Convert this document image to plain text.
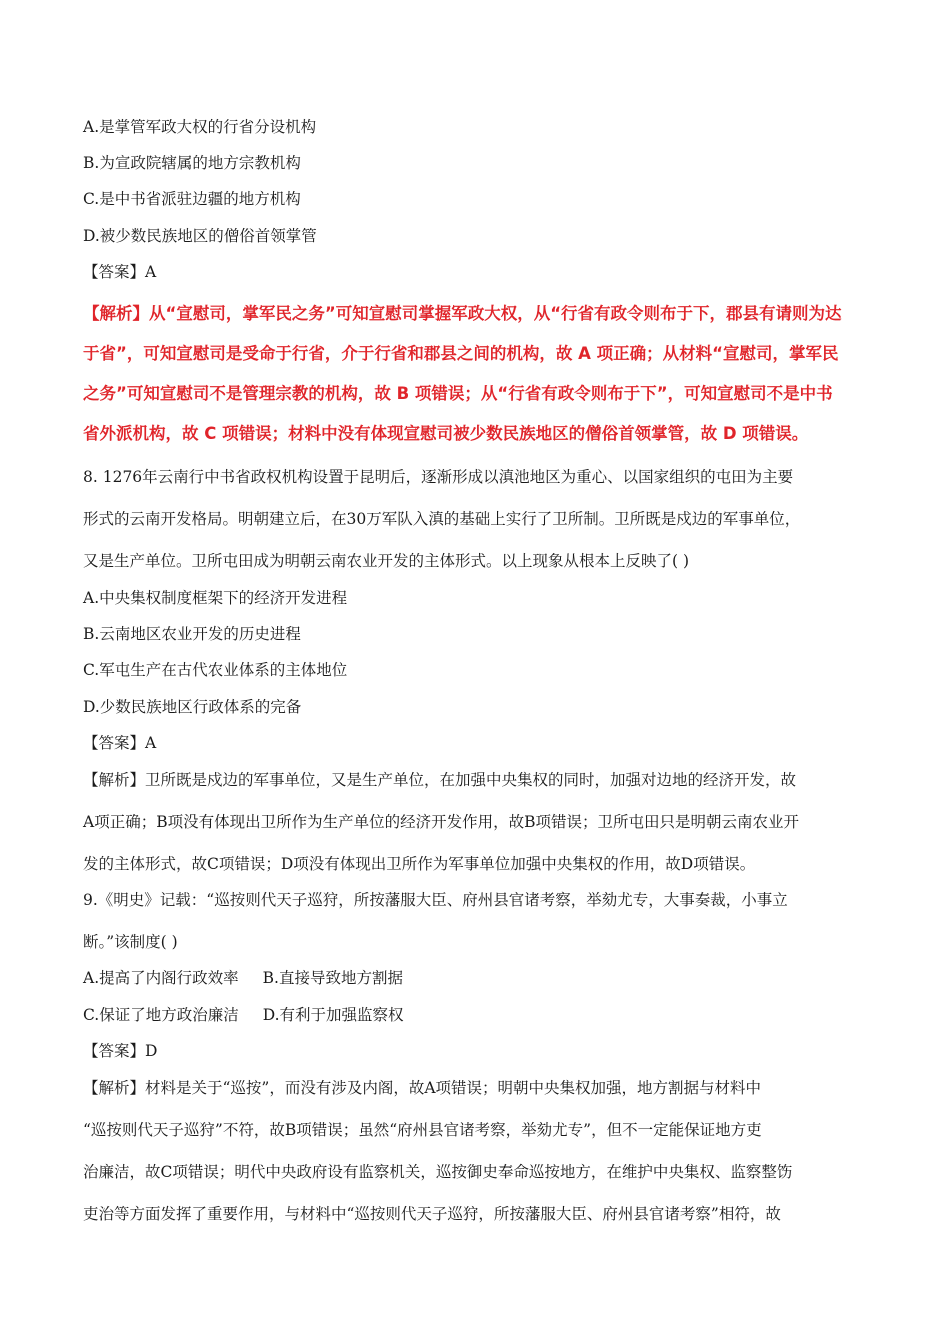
A.是掌管军政大权的行省分设机构
B.为宣政院辖属的地方宗教机构
C.是中书省派驻边疆的地方机构
D.被少数民族地区的僧俗首领掌管
【答案】A
【解析】从“宣慰司，掌军民之务”可知宣慰司掌握军政大权，从“行省有政令则布于下，郡县有请则为达
于省”，可知宣慰司是受命于行省，介于行省和郡县之间的机构，故 A 项正确；从材料“宣慰司，掌军民
之务”可知宣慰司不是管理宗教的机构，故 B 项错误；从“行省有政令则布于下”，可知宣慰司不是中书
省外派机构，故 C 项错误；材料中没有体现宣慰司被少数民族地区的僧俗首领掌管，故 D 项错误。
8. 1276年云南行中书省政权机构设置于昆明后，逐渐形成以滇池地区为重心、以国家组织的屯田为主要
形式的云南开发格局。明朝建立后，在30万军队入滇的基础上实行了卫所制。卫所既是戍边的军事单位，
又是生产单位。卫所屯田成为明朝云南农业开发的主体形式。以上现象从根本上反映了( )
A.中央集权制度框架下的经济开发进程
B.云南地区农业开发的历史进程
C.军屯生产在古代农业体系的主体地位
D.少数民族地区行政体系的完备
【答案】A
【解析】卫所既是戍边的军事单位，又是生产单位，在加强中央集权的同时，加强对边地的经济开发，故
A项正确；B项没有体现出卫所作为生产单位的经济开发作用，故B项错误；卫所屯田只是明朝云南农业开
发的主体形式，故C项错误；D项没有体现出卫所作为军事单位加强中央集权的作用，故D项错误。
9.《明史》记载：“巡按则代天子巡狩，所按藩服大臣、府州县官诸考察，举劾尤专，大事奏裁，小事立
断。”该制度( )
A.提高了内阁行政效率 B.直接导致地方割据
C.保证了地方政治廉洁 D.有利于加强监察权
【答案】D
【解析】材料是关于“巡按”，而没有涉及内阁，故A项错误；明朝中央集权加强，地方割据与材料中
“巡按则代天子巡狩”不符，故B项错误；虽然“府州县官诸考察，举劾尤专”，但不一定能保证地方吏
治廉洁，故C项错误；明代中央政府设有监察机关，巡按御史奉命巡按地方，在维护中央集权、监察整饬
吏治等方面发挥了重要作用，与材料中“巡按则代天子巡狩，所按藩服大臣、府州县官诸考察”相符，故
